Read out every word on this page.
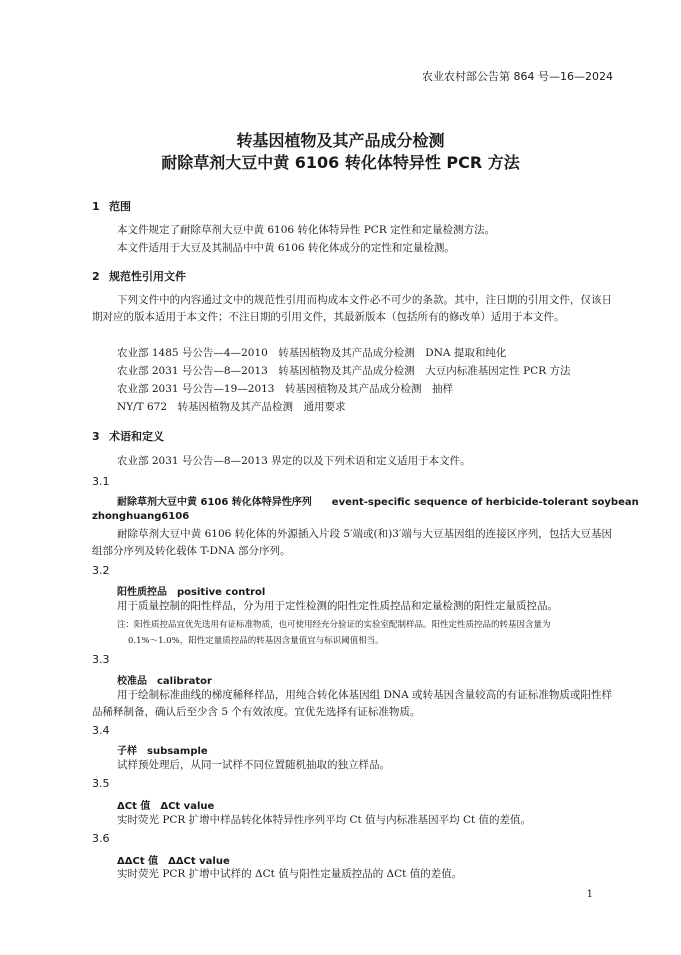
农业农村部公告第 864 号—16—2024
转基因植物及其产品成分检测
耐除草剂大豆中黄 6106 转化体特异性 PCR 方法
1 范围
本文件规定了耐除草剂大豆中黄 6106 转化体特异性 PCR 定性和定量检测方法。
本文件适用于大豆及其制品中中黄 6106 转化体成分的定性和定量检测。
2 规范性引用文件
下列文件中的内容通过文中的规范性引用而构成本文件必不可少的条款。其中，注日期的引用文件，仅该日期对应的版本适用于本文件；不注日期的引用文件，其最新版本（包括所有的修改单）适用于本文件。
农业部 1485 号公告—4—2010　转基因植物及其产品成分检测　DNA 提取和纯化
农业部 2031 号公告—8—2013　转基因植物及其产品成分检测　大豆内标准基因定性 PCR 方法
农业部 2031 号公告—19—2013　转基因植物及其产品成分检测　抽样
NY/T 672　转基因植物及其产品检测　通用要求
3 术语和定义
农业部 2031 号公告—8—2013 界定的以及下列术语和定义适用于本文件。
3.1
耐除草剂大豆中黄 6106 转化体特异性序列　　event-specific sequence of herbicide-tolerant soybean
zhonghuang6106
耐除草剂大豆中黄 6106 转化体的外源插入片段 5′端或(和)3′端与大豆基因组的连接区序列，包括大豆基因组部分序列及转化载体 T-DNA 部分序列。
3.2
阳性质控品　positive control
用于质量控制的阳性样品，分为用于定性检测的阳性定性质控品和定量检测的阳性定量质控品。
注：阳性质控品宜优先选用有证标准物质，也可使用经充分验证的实验室配制样品。阳性定性质控品的转基因含量为
0.1%～1.0%，阳性定量质控品的转基因含量值宜与标识阈值相当。
3.3
校准品　calibrator
用于绘制标准曲线的梯度稀释样品，用纯合转化体基因组 DNA 或转基因含量较高的有证标准物质或阳性样品稀释制备，确认后至少含 5 个有效浓度。宜优先选择有证标准物质。
3.4
子样　subsample
试样预处理后，从同一试样不同位置随机抽取的独立样品。
3.5
ΔCt 值　ΔCt value
实时荧光 PCR 扩增中样品转化体特异性序列平均 Ct 值与内标准基因平均 Ct 值的差值。
3.6
ΔΔCt 值　ΔΔCt value
实时荧光 PCR 扩增中试样的 ΔCt 值与阳性定量质控品的 ΔCt 值的差值。
1
